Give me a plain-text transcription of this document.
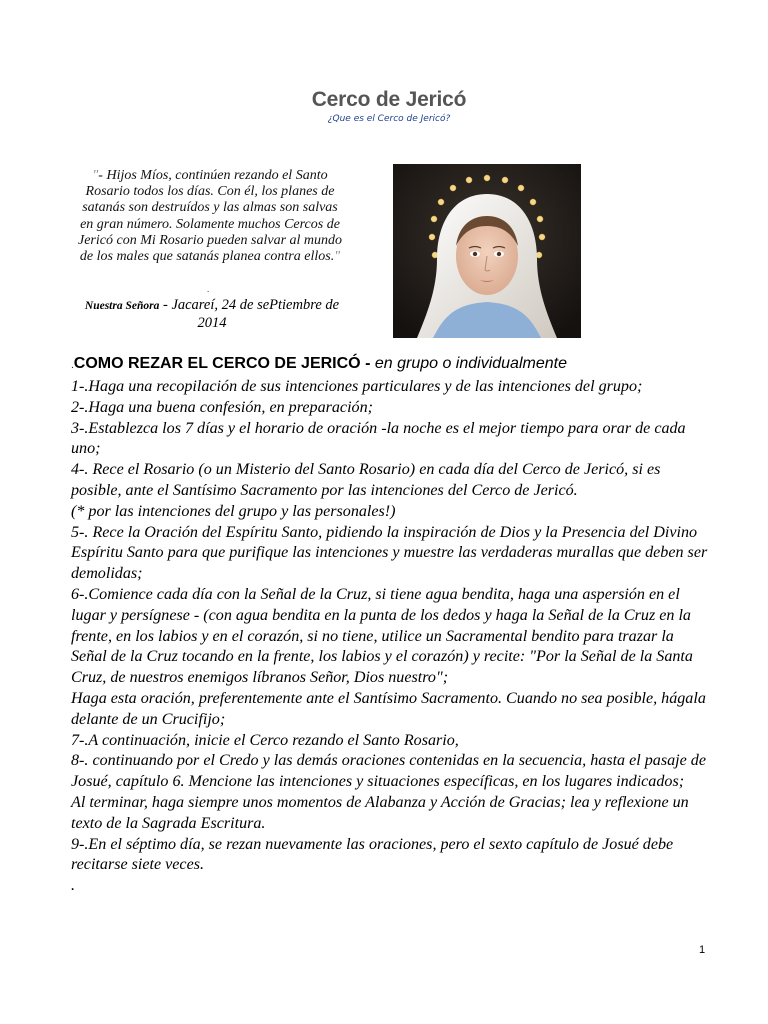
Cerco de Jericó
¿Que es el Cerco de Jericó?
"- Hijos Míos, continúen rezando el Santo Rosario todos los días. Con él, los planes de satanás son destruídos y las almas son salvas en gran número. Solamente muchos Cercos de Jericó con Mi Rosario pueden salvar al mundo de los males que satanás planea contra ellos."
.
Nuestra Señora - Jacareí, 24 de sePtiembre de 2014
.COMO REZAR EL CERCO DE JERICÓ - en grupo o individualmente

1-.Haga una recopilación de sus intenciones particulares y de las intenciones del grupo;

2-.Haga una buena confesión, en preparación;

3-.Establezca los 7 días y el horario de oración -la noche es el mejor tiempo para orar de cada uno;

4-. Rece el Rosario (o un Misterio del Santo Rosario) en cada día del Cerco de Jericó, si es posible, ante el Santísimo Sacramento por las intenciones del Cerco de Jericó.

(* por las intenciones del grupo y las personales!)

5-. Rece la Oración del Espíritu Santo, pidiendo la inspiración de Dios y la Presencia del Divino Espíritu Santo para que purifique las intenciones y muestre las verdaderas murallas que deben ser demolidas;

6-.Comience cada día con la Señal de la Cruz, si tiene agua bendita, haga una aspersión en el lugar y persígnese - (con agua bendita en la punta de los dedos y haga la Señal de la Cruz en la frente, en los labios y en el corazón, si no tiene, utilice un Sacramental bendito para trazar la Señal de la Cruz tocando en la frente, los labios y el corazón) y recite: "Por la Señal de la Santa Cruz, de nuestros enemigos líbranos Señor, Dios nuestro";

Haga esta oración, preferentemente ante el Santísimo Sacramento. Cuando no sea posible, hágala delante de un Crucifijo;

7-.A continuación, inicie el Cerco rezando el Santo Rosario,

8-. continuando por el Credo y las demás oraciones contenidas en la secuencia, hasta el pasaje de Josué, capítulo 6. Mencione las intenciones y situaciones específicas, en los lugares indicados;

Al terminar, haga siempre unos momentos de Alabanza y Acción de Gracias; lea y reflexione un texto de la Sagrada Escritura.

9-.En el séptimo día, se rezan nuevamente las oraciones, pero el sexto capítulo de Josué debe recitarse siete veces.

.

1
